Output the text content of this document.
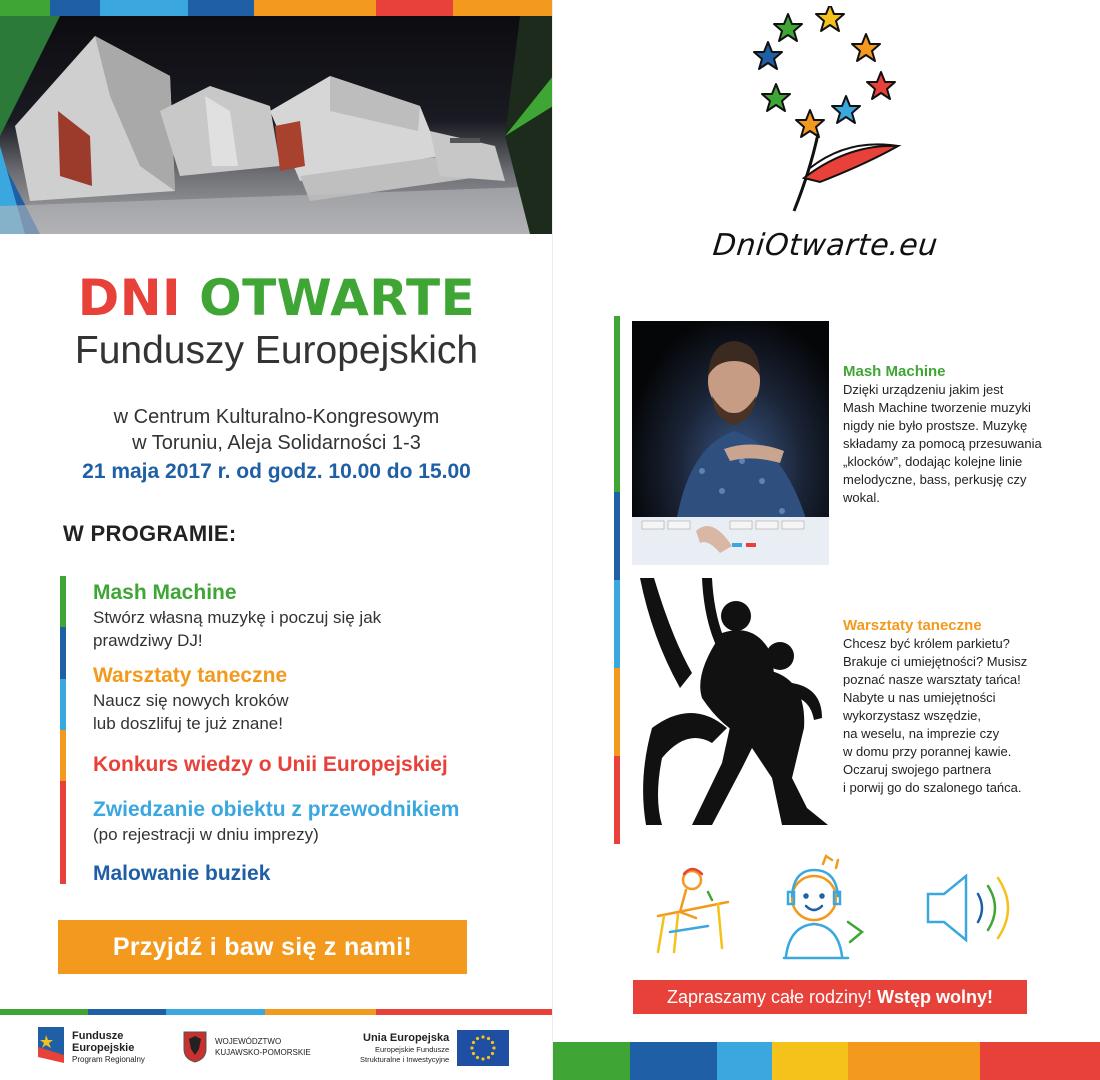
DNI OTWARTE
Funduszy Europejskich
w Centrum Kulturalno-Kongresowym
w Toruniu, Aleja Solidarności 1-3
21 maja 2017 r. od godz. 10.00 do 15.00
W PROGRAMIE:
Mash Machine
Stwórz własną muzykę i poczuj się jak
prawdziwy DJ!
Warsztaty taneczne
Naucz się nowych kroków
lub doszlifuj te już znane!
Konkurs wiedzy o Unii Europejskiej
Zwiedzanie obiektu z przewodnikiem
(po rejestracji w dniu imprezy)
Malowanie buziek
Przyjdź i baw się z nami!
Fundusze
Europejskie
Program Regionalny
WOJEWÓDZTWO
KUJAWSKO-POMORSKIE
Unia Europejska
Europejskie Fundusze
Strukturalne i Inwestycyjne
DniOtwarte.eu
Mash Machine
Dzięki urządzeniu jakim jest
Mash Machine tworzenie muzyki
nigdy nie było prostsze. Muzykę
składamy za pomocą przesuwania
„klocków”, dodając kolejne linie
melodyczne, bass, perkusję czy
wokal.
Warsztaty taneczne
Chcesz być królem parkietu?
Brakuje ci umiejętności? Musisz
poznać nasze warsztaty tańca!
Nabyte u nas umiejętności
wykorzystasz wszędzie,
na weselu, na imprezie czy
w domu przy porannej kawie.
Oczaruj swojego partnera
i porwij go do szalonego tańca.
Zapraszamy całe rodziny! Wstęp wolny!
